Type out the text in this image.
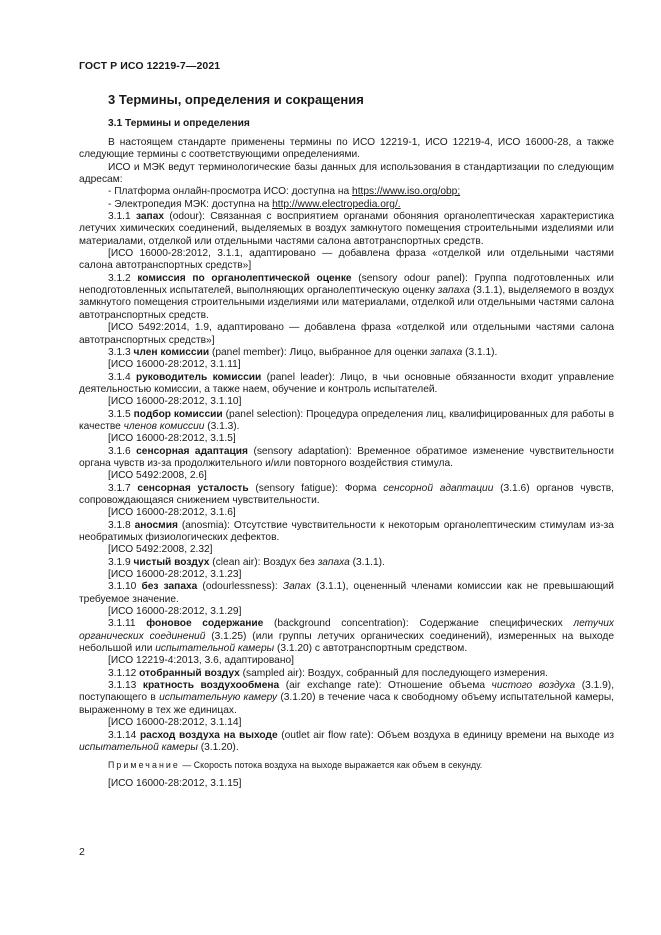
ГОСТ Р ИСО 12219-7—2021
3 Термины, определения и сокращения
3.1 Термины и определения

В настоящем стандарте применены термины по ИСО 12219-1, ИСО 12219-4, ИСО 16000-28, а также следующие термины с соответствующими определениями.

ИСО и МЭК ведут терминологические базы данных для использования в стандартизации по следующим адресам:

- Платформа онлайн-просмотра ИСО: доступна на https://www.iso.org/obp;

- Электропедия МЭК: доступна на http://www.electropedia.org/.

3.1.1 запах (odour): Связанная с восприятием органами обоняния органолептическая характеристика летучих химических соединений, выделяемых в воздух замкнутого помещения строительными изделиями или материалами, отделкой или отдельными частями салона автотранспортных средств.

[ИСО 16000-28:2012, 3.1.1, адаптировано — добавлена фраза «отделкой или отдельными частями салона автотранспортных средств»]

3.1.2 комиссия по органолептической оценке (sensory odour panel): Группа подготовленных или неподготовленных испытателей, выполняющих органолептическую оценку запаха (3.1.1), выделяемого в воздух замкнутого помещения строительными изделиями или материалами, отделкой или отдельными частями салона автотранспортных средств.

[ИСО 5492:2014, 1.9, адаптировано — добавлена фраза «отделкой или отдельными частями салона автотранспортных средств»]

3.1.3 член комиссии (panel member): Лицо, выбранное для оценки запаха (3.1.1).

[ИСО 16000-28:2012, 3.1.11]

3.1.4 руководитель комиссии (panel leader): Лицо, в чьи основные обязанности входит управление деятельностью комиссии, а также наем, обучение и контроль испытателей.

[ИСО 16000-28:2012, 3.1.10]

3.1.5 подбор комиссии (panel selection): Процедура определения лиц, квалифицированных для работы в качестве членов комиссии (3.1.3).

[ИСО 16000-28:2012, 3.1.5]

3.1.6 сенсорная адаптация (sensory adaptation): Временное обратимое изменение чувствительности органа чувств из-за продолжительного и/или повторного воздействия стимула.

[ИСО 5492:2008, 2.6]

3.1.7 сенсорная усталость (sensory fatigue): Форма сенсорной адаптации (3.1.6) органов чувств, сопровождающаяся снижением чувствительности.

[ИСО 16000-28:2012, 3.1.6]

3.1.8 аносмия (anosmia): Отсутствие чувствительности к некоторым органолептическим стимулам из-за необратимых физиологических дефектов.

[ИСО 5492:2008, 2.32]

3.1.9 чистый воздух (clean air): Воздух без запаха (3.1.1).

[ИСО 16000-28:2012, 3.1.23]

3.1.10 без запаха (odourlessness): Запах (3.1.1), оцененный членами комиссии как не превышающий требуемое значение.

[ИСО 16000-28:2012, 3.1.29]

3.1.11 фоновое содержание (background concentration): Содержание специфических летучих органических соединений (3.1.25) (или группы летучих органических соединений), измеренных на выходе небольшой или испытательной камеры (3.1.20) с автотранспортным средством.

[ИСО 12219-4:2013, 3.6, адаптировано]

3.1.12 отобранный воздух (sampled air): Воздух, собранный для последующего измерения.

3.1.13 кратность воздухообмена (air exchange rate): Отношение объема чистого воздуха (3.1.9), поступающего в испытательную камеру (3.1.20) в течение часа к свободному объему испытательной камеры, выраженному в тех же единицах.

[ИСО 16000-28:2012, 3.1.14]

3.1.14 расход воздуха на выходе (outlet air flow rate): Объем воздуха в единицу времени на выходе из испытательной камеры (3.1.20).

Примечание — Скорость потока воздуха на выходе выражается как объем в секунду.

[ИСО 16000-28:2012, 3.1.15]

2
